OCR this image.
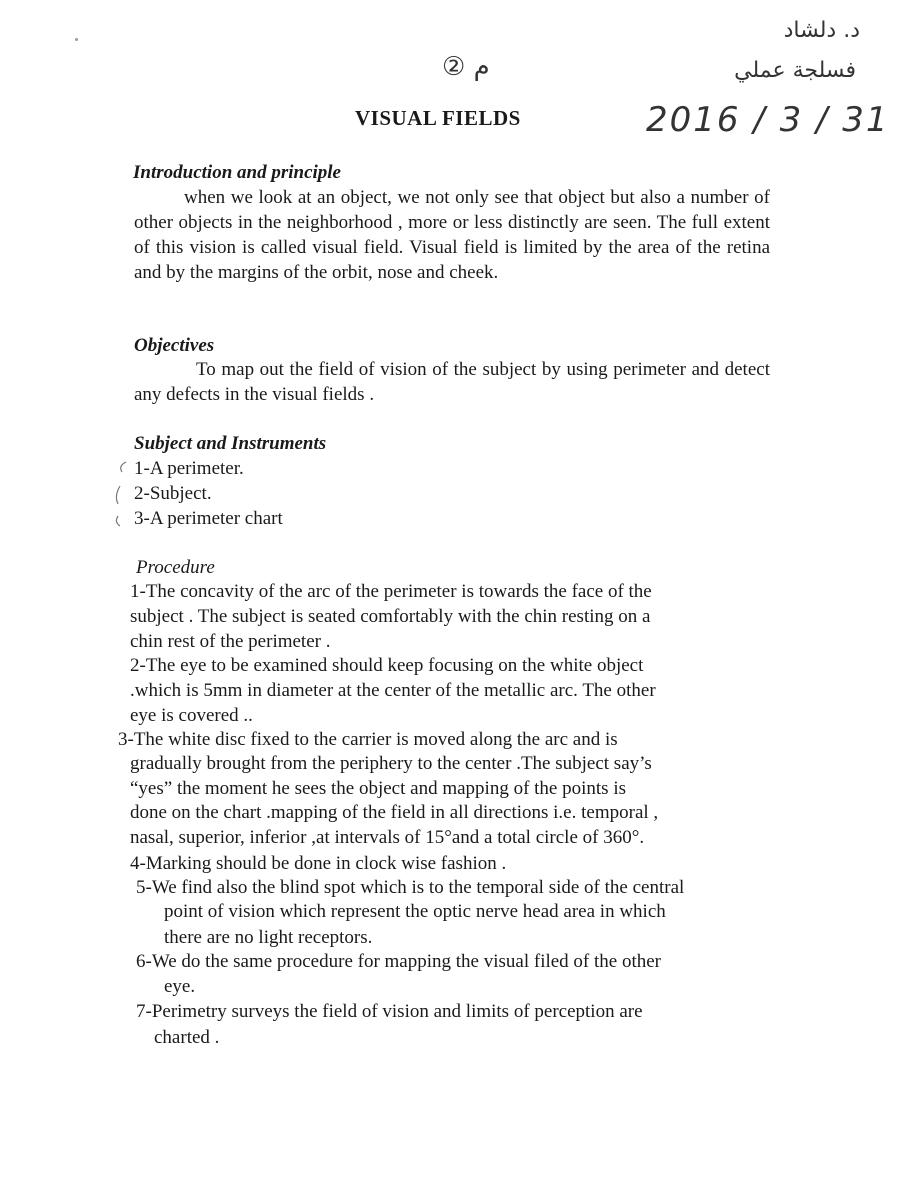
د. دلشاد
فسلجة عملي
2016 / 3 / 31
م ②
VISUAL FIELDS
Introduction and principle

when we look at an object, we not only see that object but also a number of other objects in the neighborhood , more or less distinctly are seen. The full extent of this vision is called visual field. Visual field is limited by the area of the retina and by the margins of the orbit, nose and cheek.

Objectives

To map out the field of vision of the subject by using perimeter and detect any defects in the visual fields .

Subject and Instruments
1-A perimeter.
2-Subject.
3-A perimeter chart
Procedure
1-The concavity of the arc of the perimeter is towards the face of the
subject . The subject is seated comfortably with the chin resting on a
chin rest of the perimeter .
2-The eye to be examined should keep focusing on the white object
.which is 5mm in diameter at the center of the metallic arc. The other
eye is covered ..
3-The white disc fixed to the carrier is moved along the arc and is
gradually brought from the periphery to the center .The subject say’s
“yes” the moment he sees the object and mapping of the points is
done on the chart .mapping of the field in all directions i.e. temporal ,
nasal, superior, inferior ,at intervals of 15°and a total circle of 360°.
4-Marking should be done in clock wise fashion .
5-We find also the blind spot which is to the temporal side of the central
point of vision which represent the optic nerve head area in which
there are no light receptors.
6-We do the same procedure for mapping the visual filed of the other
eye.
7-Perimetry surveys the field of vision and limits of perception are
charted .
